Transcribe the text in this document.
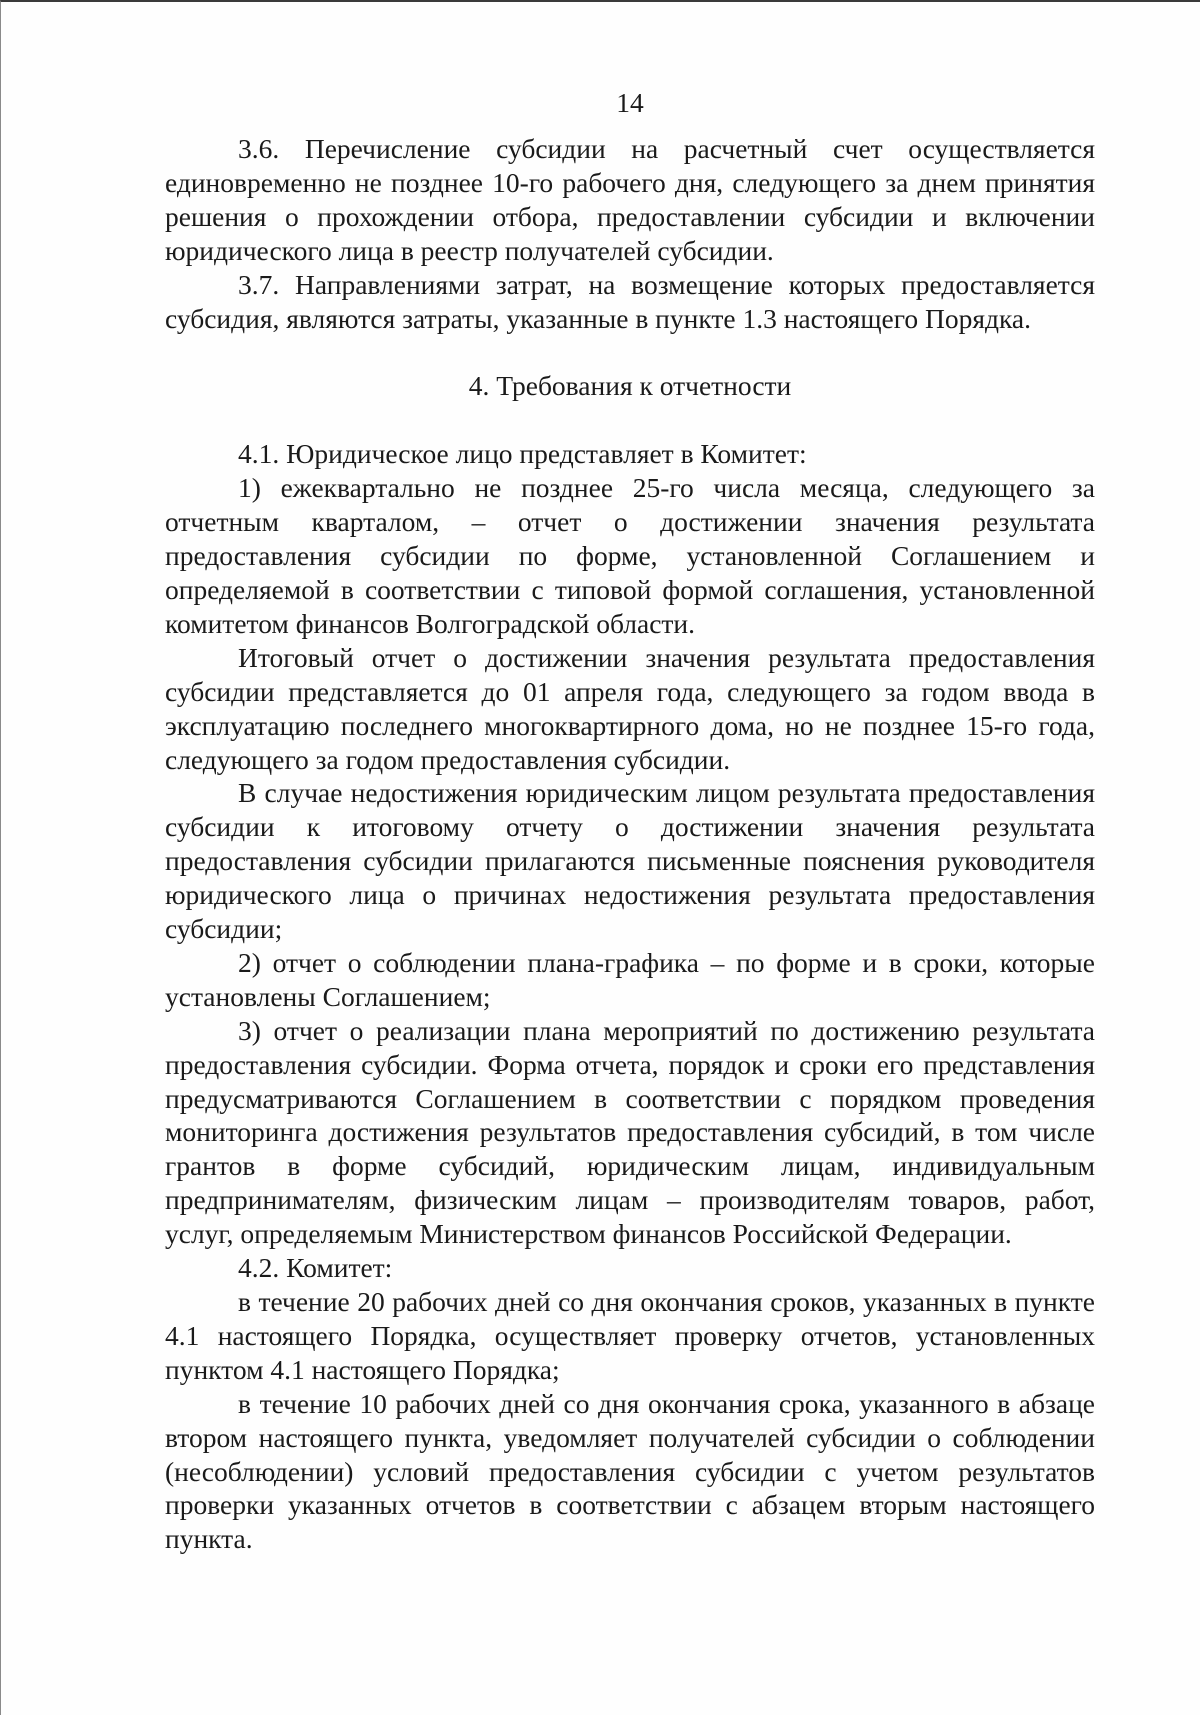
14

3.6. Перечисление субсидии на расчетный счет осуществляется единовременно не позднее 10-го рабочего дня, следующего за днем принятия решения о прохождении отбора, предоставлении субсидии и включении юридического лица в реестр получателей субсидии.

3.7. Направлениями затрат, на возмещение которых предоставляется субсидия, являются затраты, указанные в пункте 1.3 настоящего Порядка.

4. Требования к отчетности

4.1. Юридическое лицо представляет в Комитет:

1) ежеквартально не позднее 25-го числа месяца, следующего за отчетным кварталом, – отчет о достижении значения результата предоставления субсидии по форме, установленной Соглашением и определяемой в соответствии с типовой формой соглашения, установленной комитетом финансов Волгоградской области.

Итоговый отчет о достижении значения результата предоставления субсидии представляется до 01 апреля года, следующего за годом ввода в эксплуатацию последнего многоквартирного дома, но не позднее 15-го года, следующего за годом предоставления субсидии.

В случае недостижения юридическим лицом результата предоставления субсидии к итоговому отчету о достижении значения результата предоставления субсидии прилагаются письменные пояснения руководителя юридического лица о причинах недостижения результата предоставления субсидии;

2) отчет о соблюдении плана-графика – по форме и в сроки, которые установлены Соглашением;

3) отчет о реализации плана мероприятий по достижению результата предоставления субсидии. Форма отчета, порядок и сроки его представления предусматриваются Соглашением в соответствии с порядком проведения мониторинга достижения результатов предоставления субсидий, в том числе грантов в форме субсидий, юридическим лицам, индивидуальным предпринимателям, физическим лицам – производителям товаров, работ, услуг, определяемым Министерством финансов Российской Федерации.

4.2. Комитет:

в течение 20 рабочих дней со дня окончания сроков, указанных в пункте 4.1 настоящего Порядка, осуществляет проверку отчетов, установленных пунктом 4.1 настоящего Порядка;

в течение 10 рабочих дней со дня окончания срока, указанного в абзаце втором настоящего пункта, уведомляет получателей субсидии о соблюдении (несоблюдении) условий предоставления субсидии с учетом результатов проверки указанных отчетов в соответствии с абзацем вторым настоящего пункта.
